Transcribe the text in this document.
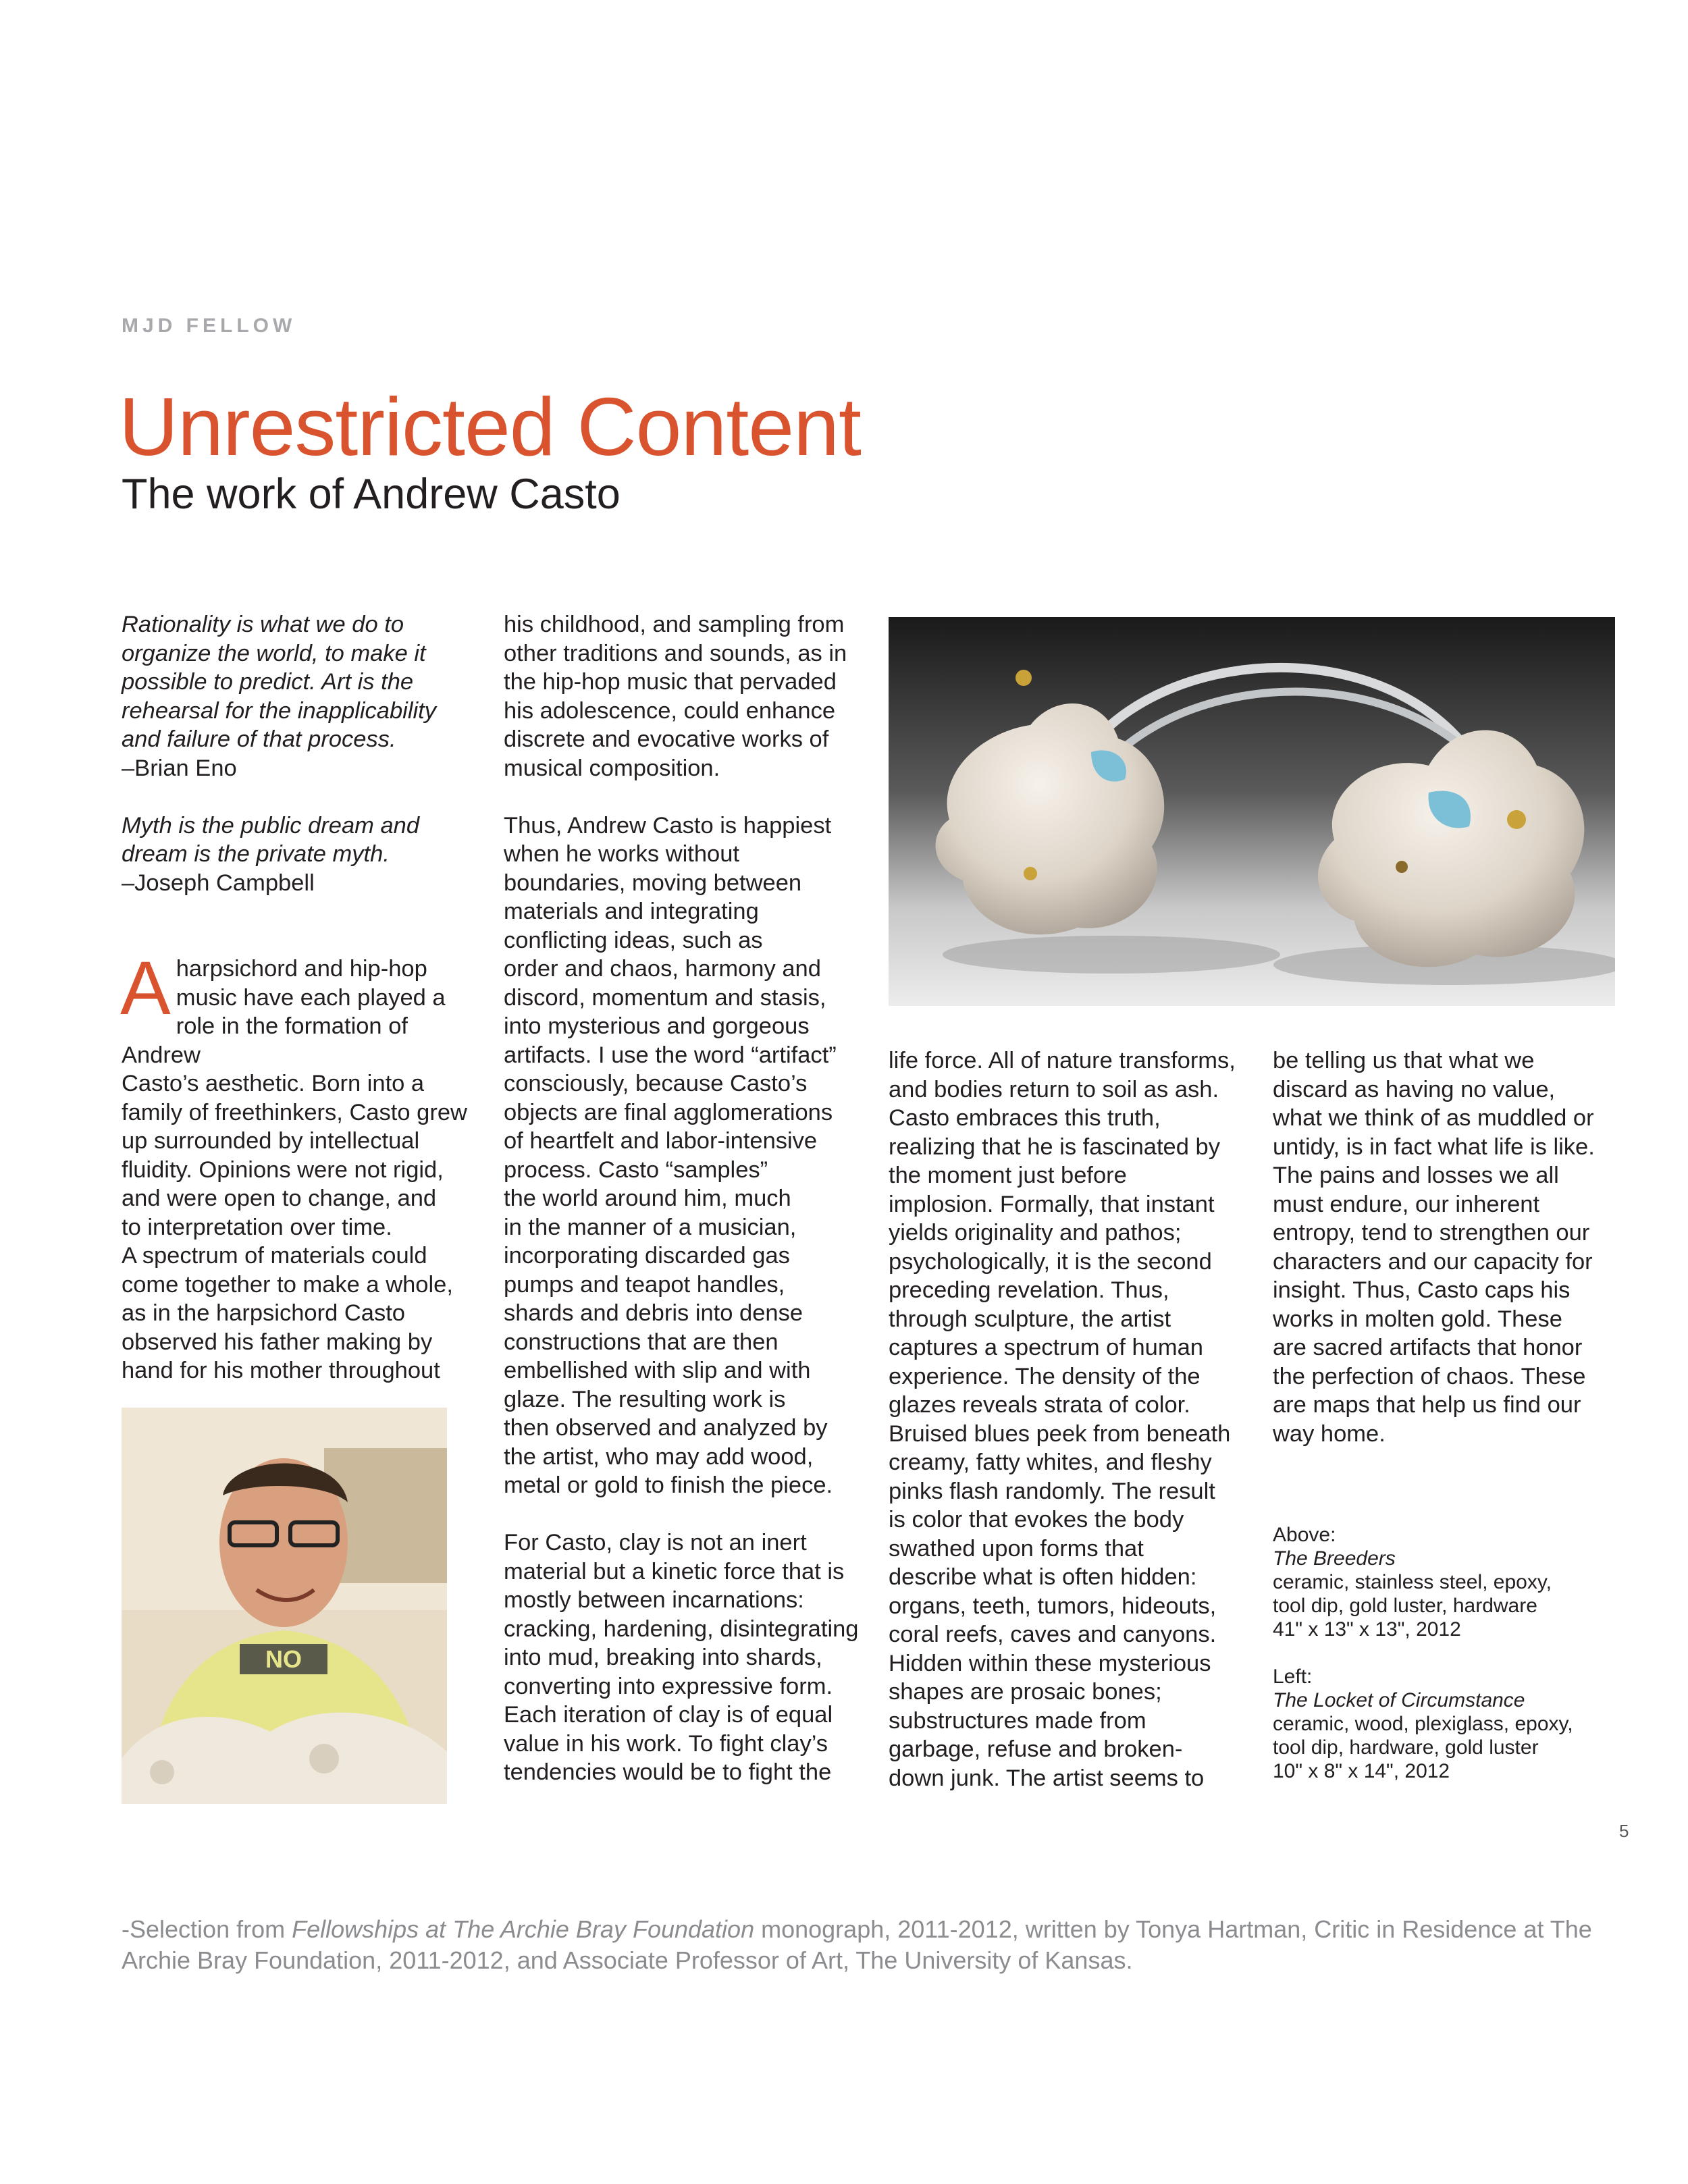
MJD FELLOW
Unrestricted Content
The work of Andrew Casto

Rationality is what we do to

organize the world, to make it

possible to predict. Art is the

rehearsal for the inapplicability

and failure of that process.

–Brian Eno

Myth is the public dream and

dream is the private myth.

–Joseph Campbell

A harpsichord and hip-hop

music have each played a

role in the formation of Andrew

Casto’s aesthetic. Born into a

family of freethinkers, Casto grew

up surrounded by intellectual

fluidity. Opinions were not rigid,

and were open to change, and

to interpretation over time.

A spectrum of materials could

come together to make a whole,

as in the harpsichord Casto

observed his father making by

hand for his mother throughout

his childhood, and sampling from

other traditions and sounds, as in

the hip-hop music that pervaded

his adolescence, could enhance

discrete and evocative works of

musical composition.

Thus, Andrew Casto is happiest

when he works without

boundaries, moving between

materials and integrating

conflicting ideas, such as

order and chaos, harmony and

discord, momentum and stasis,

into mysterious and gorgeous

artifacts. I use the word “artifact”

consciously, because Casto’s

objects are final agglomerations

of heartfelt and labor-intensive

process. Casto “samples”

the world around him, much

in the manner of a musician,

incorporating discarded gas

pumps and teapot handles,

shards and debris into dense

constructions that are then

embellished with slip and with

glaze. The resulting work is

then observed and analyzed by

the artist, who may add wood,

metal or gold to finish the piece.

For Casto, clay is not an inert

material but a kinetic force that is

mostly between incarnations:

cracking, hardening, disintegrating

into mud, breaking into shards,

converting into expressive form.

Each iteration of clay is of equal

value in his work. To fight clay’s

tendencies would be to fight the

NO

life force. All of nature transforms,

and bodies return to soil as ash.

Casto embraces this truth,

realizing that he is fascinated by

the moment just before

implosion. Formally, that instant

yields originality and pathos;

psychologically, it is the second

preceding revelation. Thus,

through sculpture, the artist

captures a spectrum of human

experience. The density of the

glazes reveals strata of color.

Bruised blues peek from beneath

creamy, fatty whites, and fleshy

pinks flash randomly. The result

is color that evokes the body

swathed upon forms that

describe what is often hidden:

organs, teeth, tumors, hideouts,

coral reefs, caves and canyons.

Hidden within these mysterious

shapes are prosaic bones;

substructures made from

garbage, refuse and broken-

down junk. The artist seems to

be telling us that what we

discard as having no value,

what we think of as muddled or

untidy, is in fact what life is like.

The pains and losses we all

must endure, our inherent

entropy, tend to strengthen our

characters and our capacity for

insight. Thus, Casto caps his

works in molten gold. These

are sacred artifacts that honor

the perfection of chaos. These

are maps that help us find our

way home.

Above:

The Breeders

ceramic, stainless steel, epoxy,

tool dip, gold luster, hardware

41" x 13" x 13", 2012

Left:

The Locket of Circumstance

ceramic, wood, plexiglass, epoxy,

tool dip, hardware, gold luster

10" x 8" x 14", 2012

5
-Selection from Fellowships at The Archie Bray Foundation monograph, 2011-2012, written by Tonya Hartman, Critic in Residence at The Archie Bray Foundation, 2011-2012, and Associate Professor of Art, The University of Kansas.
